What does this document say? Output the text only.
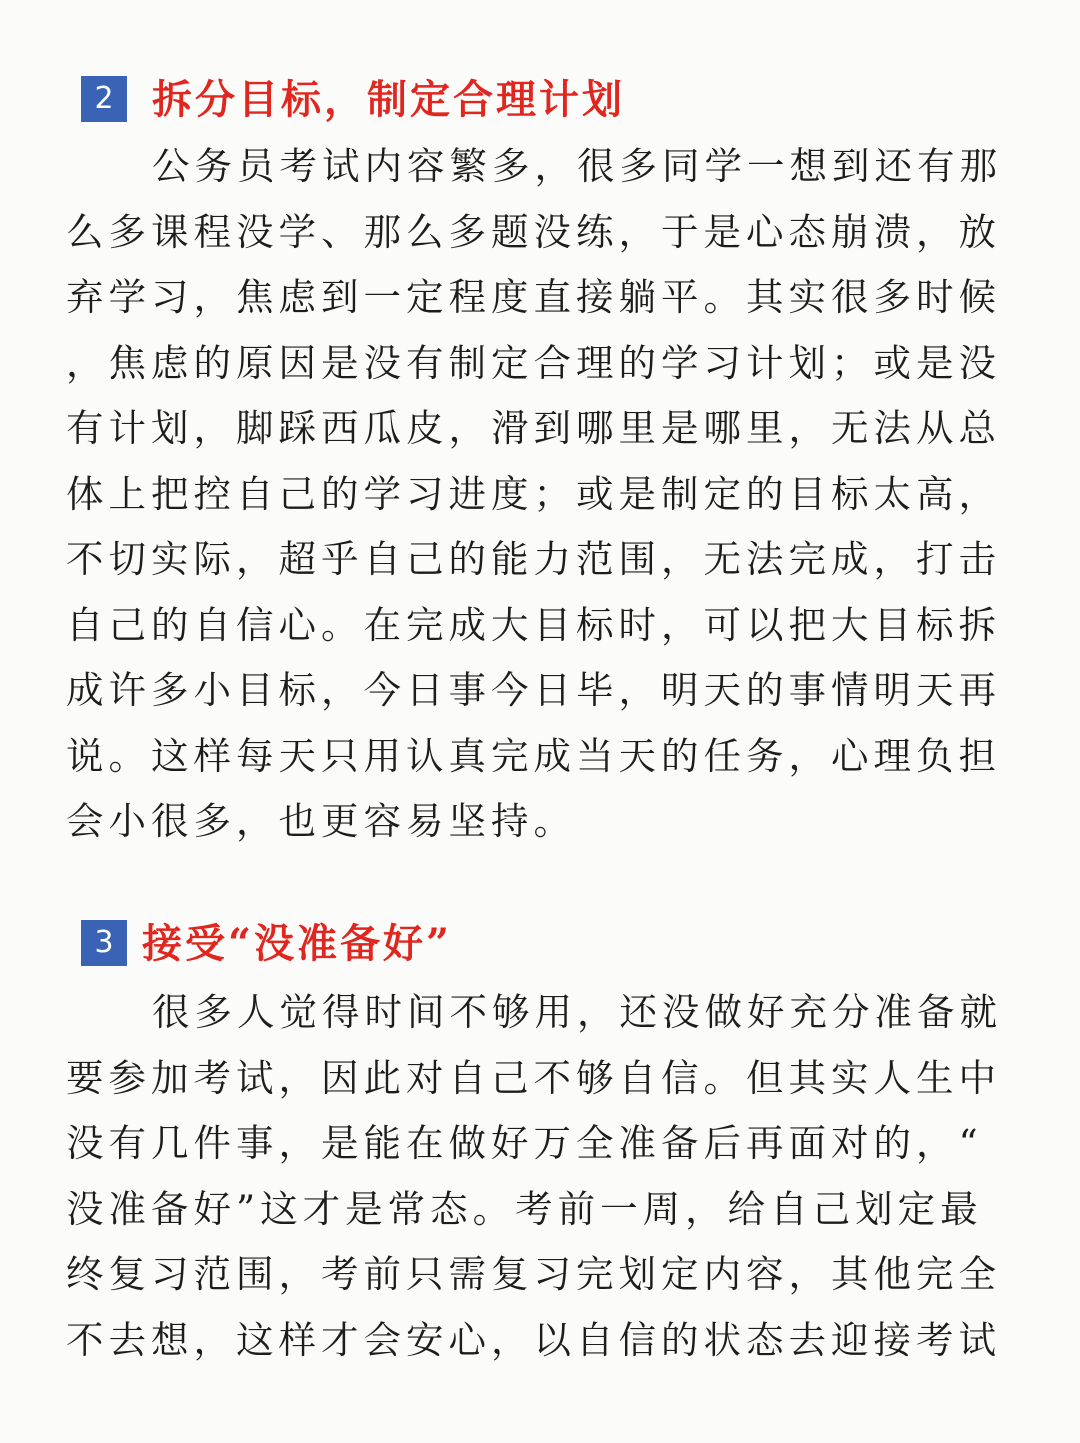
2 拆分目标，制定合理计划

公务员考试内容繁多，很多同学一想到还有那
么多课程没学、那么多题没练，于是心态崩溃，放
弃学习，焦虑到一定程度直接躺平。其实很多时候
，焦虑的原因是没有制定合理的学习计划；或是没
有计划，脚踩西瓜皮，滑到哪里是哪里，无法从总
体上把控自己的学习进度；或是制定的目标太高，
不切实际，超乎自己的能力范围，无法完成，打击
自己的自信心。在完成大目标时，可以把大目标拆
成许多小目标，今日事今日毕，明天的事情明天再
说。这样每天只用认真完成当天的任务，心理负担
会小很多，也更容易坚持。

3 接受“没准备好”

很多人觉得时间不够用，还没做好充分准备就
要参加考试，因此对自己不够自信。但其实人生中
没有几件事，是能在做好万全准备后再面对的，“
没准备好”这才是常态。考前一周，给自己划定最
终复习范围，考前只需复习完划定内容，其他完全
不去想，这样才会安心，以自信的状态去迎接考试
